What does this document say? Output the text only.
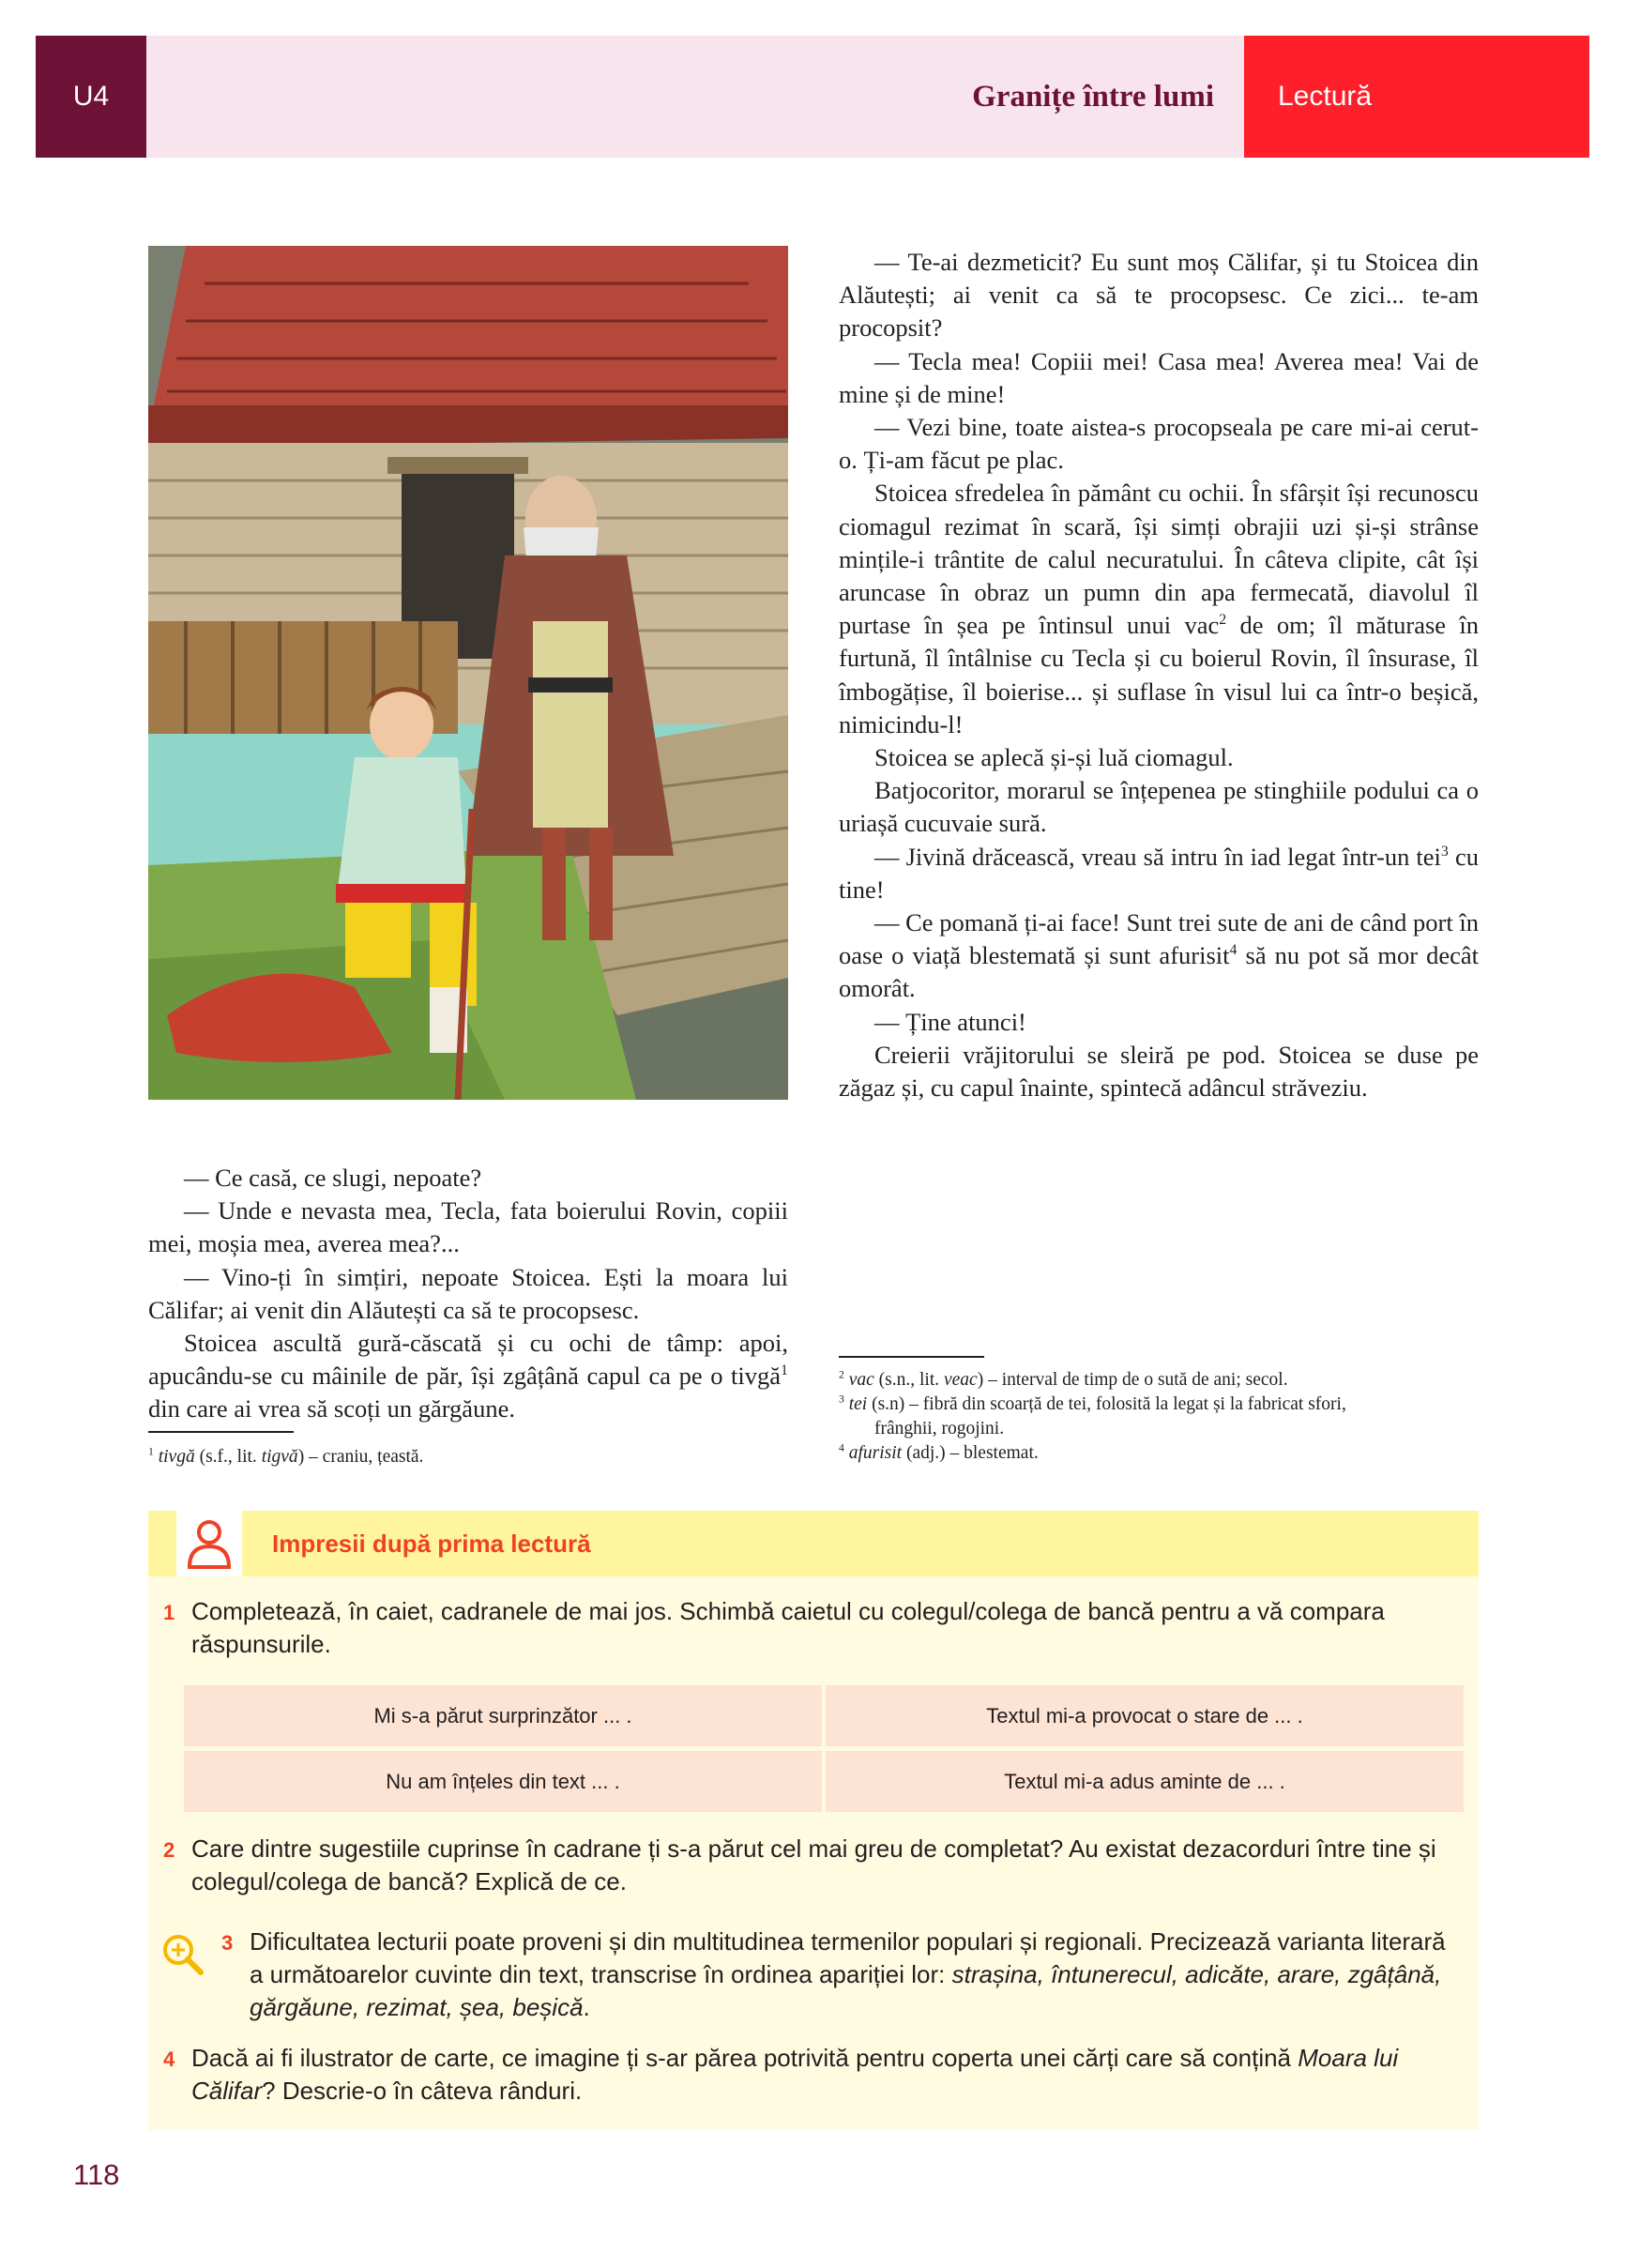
U4	Granițe între lumi	Lectură

— Ce casă, ce slugi, nepoate?

— Unde e nevasta mea, Tecla, fata boierului Rovin, copiii mei, moșia mea, averea mea?...

— Vino-ți în simțiri, nepoate Stoicea. Ești la moara lui Călifar; ai venit din Alăutești ca să te procopsesc.

Stoicea ascultă gură-căscată și cu ochi de tâmp: apoi, apucându-se cu mâinile de păr, își zgâțână capul ca pe o tivgă$^1$ din care ai vrea să scoți un gărgăune.

$^1$ tivgă (s.f., lit. tigvă) – craniu, țeastă.

— Te-ai dezmeticit? Eu sunt moș Călifar, și tu Stoicea din Alăutești; ai venit ca să te procopsesc. Ce zici... te-am procopsit?

— Tecla mea! Copiii mei! Casa mea! Averea mea! Vai de mine și de mine!

— Vezi bine, toate aistea-s procopseala pe care mi-ai cerut-o. Ți-am făcut pe plac.

Stoicea sfredelea în pământ cu ochii. În sfârșit își recunoscu ciomagul rezimat în scară, își simți obrajii uzi și-și strânse mințile-i trântite de calul necuratului. În câteva clipite, cât își aruncase în obraz un pumn din apa fermecată, diavolul îl purtase în șea pe întinsul unui vac$^2$ de om; îl măturase în furtună, îl întâlnise cu Tecla și cu boierul Rovin, îl însurase, îl îmbogățise, îl boierise... și suflase în visul lui ca într-o beșică, nimicindu-l!

Stoicea se aplecă și-și luă ciomagul.

Batjocoritor, morarul se înțepenea pe stinghiile podului ca o uriașă cucuvaie sură.

— Jivină drăcească, vreau să intru în iad legat într-un tei$^3$ cu tine!

— Ce pomană ți-ai face! Sunt trei sute de ani de când port în oase o viață blestemată și sunt afurisit$^4$ să nu pot să mor decât omorât.

— Ține atunci!

Creierii vrăjitorului se sleiră pe pod. Stoicea se duse pe zăgaz și, cu capul înainte, spintecă adâncul străveziu.

$^2$ vac (s.n., lit. veac) – interval de timp de o sută de ani; secol.

$^3$ tei (s.n) – fibră din scoarță de tei, folosită la legat și la fabricat sfori,

frânghii, rogojini.

$^4$ afurisit (adj.) – blestemat.

Impresii după prima lectură
1 Completează, în caiet, cadranele de mai jos. Schimbă caietul cu colegul/colega de bancă pentru a vă compara răspunsurile.
Mi s-a părut surprinzător ... .	Textul mi-a provocat o stare de ... .
Nu am înțeles din text ... .	Textul mi-a adus aminte de ... .
2 Care dintre sugestiile cuprinse în cadrane ți s-a părut cel mai greu de completat? Au existat dezacorduri între tine și colegul/colega de bancă? Explică de ce.
3 Dificultatea lecturii poate proveni și din multitudinea termenilor populari și regionali. Precizează varianta literară a următoarelor cuvinte din text, transcrise în ordinea apariției lor: strașina, întunerecul, adicăte, arare, zgâțână, gărgăune, rezimat, șea, beșică.
4 Dacă ai fi ilustrator de carte, ce imagine ți s-ar părea potrivită pentru coperta unei cărți care să conțină Moara lui Călifar? Descrie-o în câteva rânduri.
118
